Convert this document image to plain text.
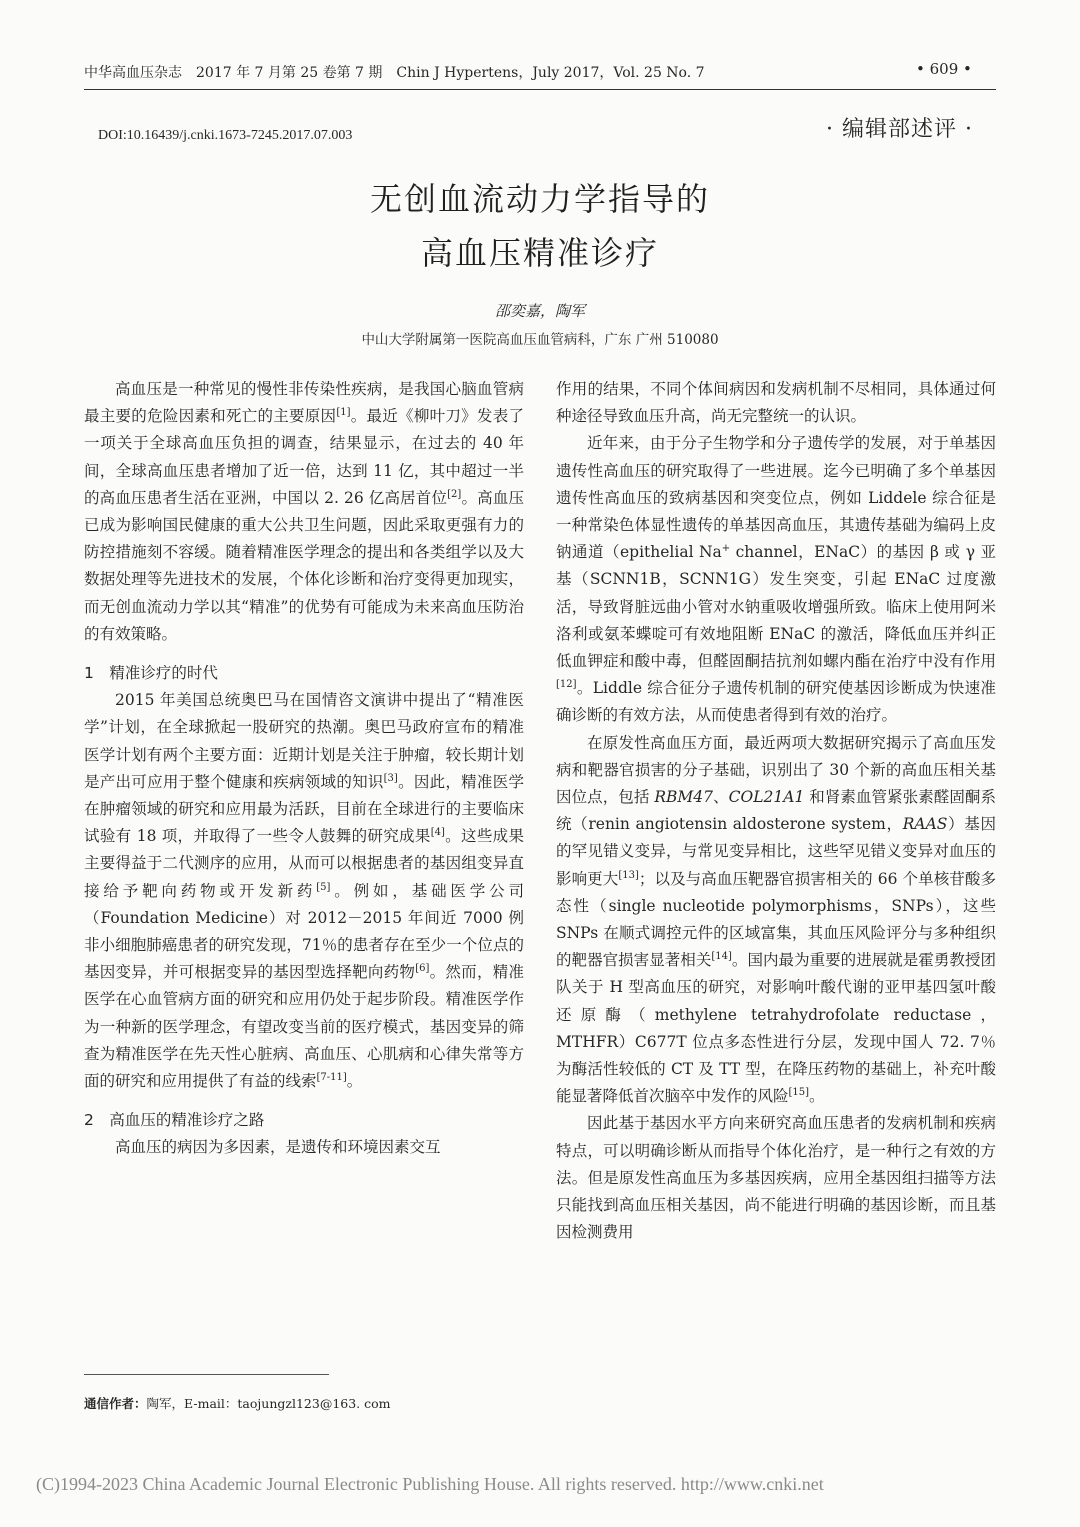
中华高血压杂志　2017 年 7 月第 25 卷第 7 期　Chin J Hypertens，July 2017，Vol. 25 No. 7	• 609 •
DOI:10.16439/j.cnki.1673-7245.2017.07.003	· 编辑部述评 ·
无创血流动力学指导的
高血压精准诊疗
邵奕嘉，陶军
中山大学附属第一医院高血压血管病科，广东 广州 510080

高血压是一种常见的慢性非传染性疾病，是我国心脑血管病最主要的危险因素和死亡的主要原因[1]。最近《柳叶刀》发表了一项关于全球高血压负担的调查，结果显示，在过去的 40 年间，全球高血压患者增加了近一倍，达到 11 亿，其中超过一半的高血压患者生活在亚洲，中国以 2. 26 亿高居首位[2]。高血压已成为影响国民健康的重大公共卫生问题，因此采取更强有力的防控措施刻不容缓。随着精准医学理念的提出和各类组学以及大数据处理等先进技术的发展，个体化诊断和治疗变得更加现实，而无创血流动力学以其“精准”的优势有可能成为未来高血压防治的有效策略。

1　精准诊疗的时代

2015 年美国总统奥巴马在国情咨文演讲中提出了“精准医学”计划，在全球掀起一股研究的热潮。奥巴马政府宣布的精准医学计划有两个主要方面：近期计划是关注于肿瘤，较长期计划是产出可应用于整个健康和疾病领域的知识[3]。因此，精准医学在肿瘤领域的研究和应用最为活跃，目前在全球进行的主要临床试验有 18 项，并取得了一些令人鼓舞的研究成果[4]。这些成果主要得益于二代测序的应用，从而可以根据患者的基因组变异直接给予靶向药物或开发新药[5]。例如，基础医学公司（Foundation Medicine）对 2012－2015 年间近 7000 例非小细胞肺癌患者的研究发现，71％的患者存在至少一个位点的基因变异，并可根据变异的基因型选择靶向药物[6]。然而，精准医学在心血管病方面的研究和应用仍处于起步阶段。精准医学作为一种新的医学理念，有望改变当前的医疗模式，基因变异的筛查为精准医学在先天性心脏病、高血压、心肌病和心律失常等方面的研究和应用提供了有益的线索[7-11]。

2　高血压的精准诊疗之路

高血压的病因为多因素，是遗传和环境因素交互

作用的结果，不同个体间病因和发病机制不尽相同，具体通过何种途径导致血压升高，尚无完整统一的认识。

近年来，由于分子生物学和分子遗传学的发展，对于单基因遗传性高血压的研究取得了一些进展。迄今已明确了多个单基因遗传性高血压的致病基因和突变位点，例如 Liddele 综合征是一种常染色体显性遗传的单基因高血压，其遗传基础为编码上皮钠通道（epithelial Na+ channel，ENaC）的基因 β 或 γ 亚基（SCNN1B，SCNN1G）发生突变，引起 ENaC 过度激活，导致肾脏远曲小管对水钠重吸收增强所致。临床上使用阿米洛利或氨苯蝶啶可有效地阻断 ENaC 的激活，降低血压并纠正低血钾症和酸中毒，但醛固酮拮抗剂如螺内酯在治疗中没有作用[12]。Liddle 综合征分子遗传机制的研究使基因诊断成为快速准确诊断的有效方法，从而使患者得到有效的治疗。

在原发性高血压方面，最近两项大数据研究揭示了高血压发病和靶器官损害的分子基础，识别出了 30 个新的高血压相关基因位点，包括 RBM47、COL21A1 和肾素血管紧张素醛固酮系统（renin angiotensin aldosterone system，RAAS）基因的罕见错义变异，与常见变异相比，这些罕见错义变异对血压的影响更大[13]；以及与高血压靶器官损害相关的 66 个单核苷酸多态性（single nucleotide polymorphisms，SNPs），这些 SNPs 在顺式调控元件的区域富集，其血压风险评分与多种组织的靶器官损害显著相关[14]。国内最为重要的进展就是霍勇教授团队关于 H 型高血压的研究，对影响叶酸代谢的亚甲基四氢叶酸还原酶（methylene tetrahydrofolate reductase，MTHFR）C677T 位点多态性进行分层，发现中国人 72. 7％为酶活性较低的 CT 及 TT 型，在降压药物的基础上，补充叶酸能显著降低首次脑卒中发作的风险[15]。

因此基于基因水平方向来研究高血压患者的发病机制和疾病特点，可以明确诊断从而指导个体化治疗，是一种行之有效的方法。但是原发性高血压为多基因疾病，应用全基因组扫描等方法只能找到高血压相关基因，尚不能进行明确的基因诊断，而且基因检测费用

通信作者：陶军，E-mail：taojungzl123@163. com
(C)1994-2023 China Academic Journal Electronic Publishing House. All rights reserved. http://www.cnki.net
